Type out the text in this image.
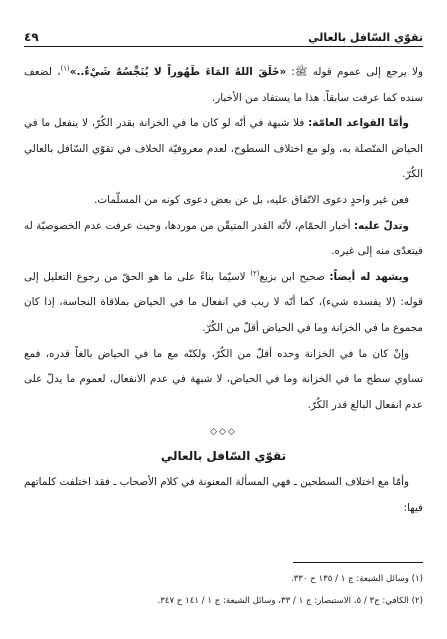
تقوّي السّافل بالعالي
٤٩

ولا يرجع إلى عموم قوله ﷺ: «خَلَقَ اللهُ المَاءَ طَهُوراً لا يُنَجِّسُهُ شَيْءٌ..»$^{(١)}$، لضعف سنده كما عرفت سابقاً. هذا ما يستفاد من الأخبار.

وأمّا القواعد العامّة: فلا شبهة في أنّه لو كان ما في الخزانة بقدر الكُرّ، لا ينفعل ما في الحياض المتّصلة به، ولو مع اختلاف السطوح، لعدم معروفيّة الخلاف في تقوّي السّافل بالعالي الكُرّ.

فعن غير واحدٍ دعوى الاتّفاق عليه، بل عن بعض دعوى كونه من المسلّمات.

وتدلّ عليه: أخبار الحمّام، لأنّه القدر المتيقّن من موردها، وحيث عرفت عدم الخصوصيّة له فيتعدّى منه إلى غيره.

ويشهد له أيضاً: صحيح ابن بزيع$^{(٢)}$ لاسيّما بناءً على ما هو الحقّ من رجوع التعليل إلى قوله: (لا يفسده شيء)، كما أنّه لا ريب في انفعال ما في الحياض بملاقاة النجاسة، إذا كان مجموع ما في الخزانة وما في الحياض أقلّ من الكُرّ.

وإنْ كان ما في الخزانة وحده أقلّ من الكُرّ، ولكنّه مع ما في الحياض بالغاً قدره، فمع تساوي سطح ما في الخزانة وما في الحياض، لا شبهة في عدم الانفعال، لعموم ما يدلّ على عدم انفعال البالغ قدر الكُرّ.

◇◇◇
تقوّي السّافل بالعالي

وأمّا مع اختلاف السطحين ـ فهي المسألة المعنونة في كلام الأصحاب ـ فقد اختلفت كلماتهم فيها:

(١) وسائل الشيعة: ج ١ / ١٣٥ ح ٣٣٠.

(٢) الكافي: ج٣ / ٥، الاستبصار: ج ١ / ٣٣، وسائل الشيعة: ج ١ / ١٤١ ح ٣٤٧.
